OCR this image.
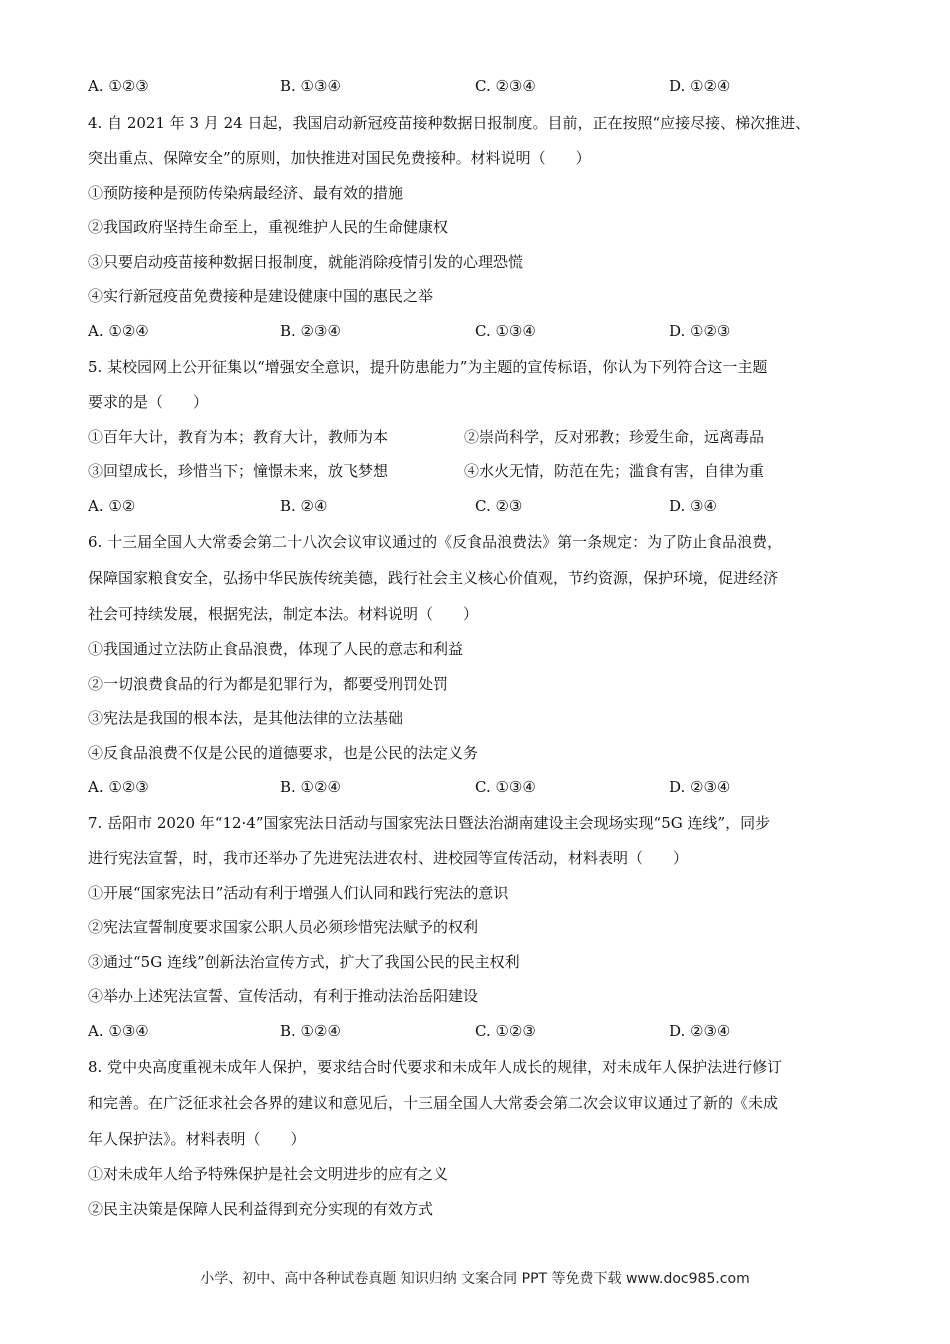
A. ①②③	B. ①③④	C. ②③④	D. ①②④
4. 自 2021 年 3 月 24 日起，我国启动新冠疫苗接种数据日报制度。目前，正在按照“应接尽接、梯次推进、
突出重点、保障安全”的原则，加快推进对国民免费接种。材料说明（　　）
①预防接种是预防传染病最经济、最有效的措施
②我国政府坚持生命至上，重视维护人民的生命健康权
③只要启动疫苗接种数据日报制度，就能消除疫情引发的心理恐慌
④实行新冠疫苗免费接种是建设健康中国的惠民之举
A. ①②④	B. ②③④	C. ①③④	D. ①②③
5. 某校园网上公开征集以“增强安全意识，提升防患能力”为主题的宣传标语，你认为下列符合这一主题
要求的是（　　）
①百年大计，教育为本；教育大计，教师为本	②崇尚科学，反对邪教；珍爱生命，远离毒品
③回望成长，珍惜当下；憧憬未来，放飞梦想	④水火无情，防范在先；滥食有害，自律为重
A. ①②	B. ②④	C. ②③	D. ③④
6. 十三届全国人大常委会第二十八次会议审议通过的《反食品浪费法》第一条规定：为了防止食品浪费，
保障国家粮食安全，弘扬中华民族传统美德，践行社会主义核心价值观，节约资源，保护环境，促进经济
社会可持续发展，根据宪法，制定本法。材料说明（　　）
①我国通过立法防止食品浪费，体现了人民的意志和利益
②一切浪费食品的行为都是犯罪行为，都要受刑罚处罚
③宪法是我国的根本法，是其他法律的立法基础
④反食品浪费不仅是公民的道德要求，也是公民的法定义务
A. ①②③	B. ①②④	C. ①③④	D. ②③④
7. 岳阳市 2020 年“12·4”国家宪法日活动与国家宪法日暨法治湖南建设主会现场实现“5G 连线”，同步
进行宪法宣誓，时，我市还举办了先进宪法进农村、进校园等宣传活动，材料表明（　　）
①开展“国家宪法日”活动有利于增强人们认同和践行宪法的意识
②宪法宣誓制度要求国家公职人员必须珍惜宪法赋予的权利
③通过“5G 连线”创新法治宣传方式，扩大了我国公民的民主权利
④举办上述宪法宣誓、宣传活动，有利于推动法治岳阳建设
A. ①③④	B. ①②④	C. ①②③	D. ②③④
8. 党中央高度重视未成年人保护，要求结合时代要求和未成年人成长的规律，对未成年人保护法进行修订
和完善。在广泛征求社会各界的建议和意见后，十三届全国人大常委会第二次会议审议通过了新的《未成
年人保护法》。材料表明（　　）
①对未成年人给予特殊保护是社会文明进步的应有之义
②民主决策是保障人民利益得到充分实现的有效方式
小学、初中、高中各种试卷真题 知识归纳 文案合同 PPT 等免费下载 www.doc985.com
